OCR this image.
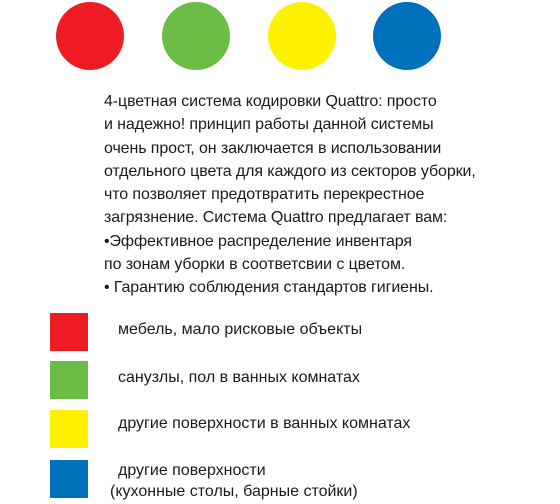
4-цветная система кодировки Quattro: просто
и надежно! принцип работы данной системы
очень прост, он заключается в использовании
отдельного цвета для каждого из секторов уборки,
что позволяет предотвратить перекрестное
загрязнение. Система Quattro предлагает вам:
•Эффективное распределение инвентаря
по зонам уборки в соответсвии с цветом.
• Гарантию соблюдения стандартов гигиены.
мебель, мало рисковые объекты
санузлы, пол в ванных комнатах
другие поверхности в ванных комнатах
другие поверхности
(кухонные столы, барные стойки)
